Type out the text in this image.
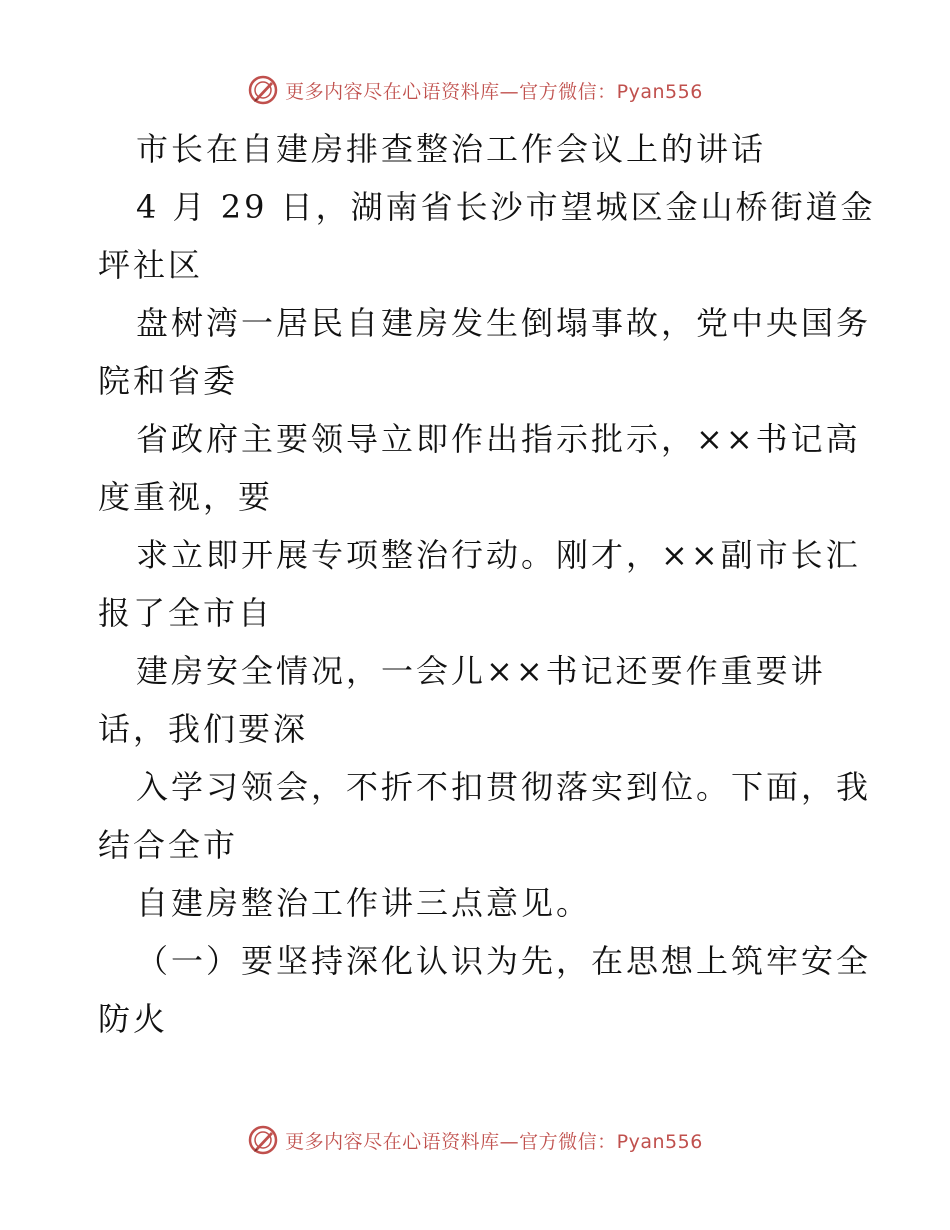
更多内容尽在心语资料库—官方微信：Pyan556
市长在自建房排查整治工作会议上的讲话
4 月 29 日，湖南省长沙市望城区金山桥街道金
坪社区
盘树湾一居民自建房发生倒塌事故，党中央国务
院和省委
省政府主要领导立即作出指示批示，××书记高
度重视，要
求立即开展专项整治行动。刚才，××副市长汇
报了全市自
建房安全情况，一会儿××书记还要作重要讲
话，我们要深
入学习领会，不折不扣贯彻落实到位。下面，我
结合全市
自建房整治工作讲三点意见。
（一）要坚持深化认识为先，在思想上筑牢安全
防火
更多内容尽在心语资料库—官方微信：Pyan556
